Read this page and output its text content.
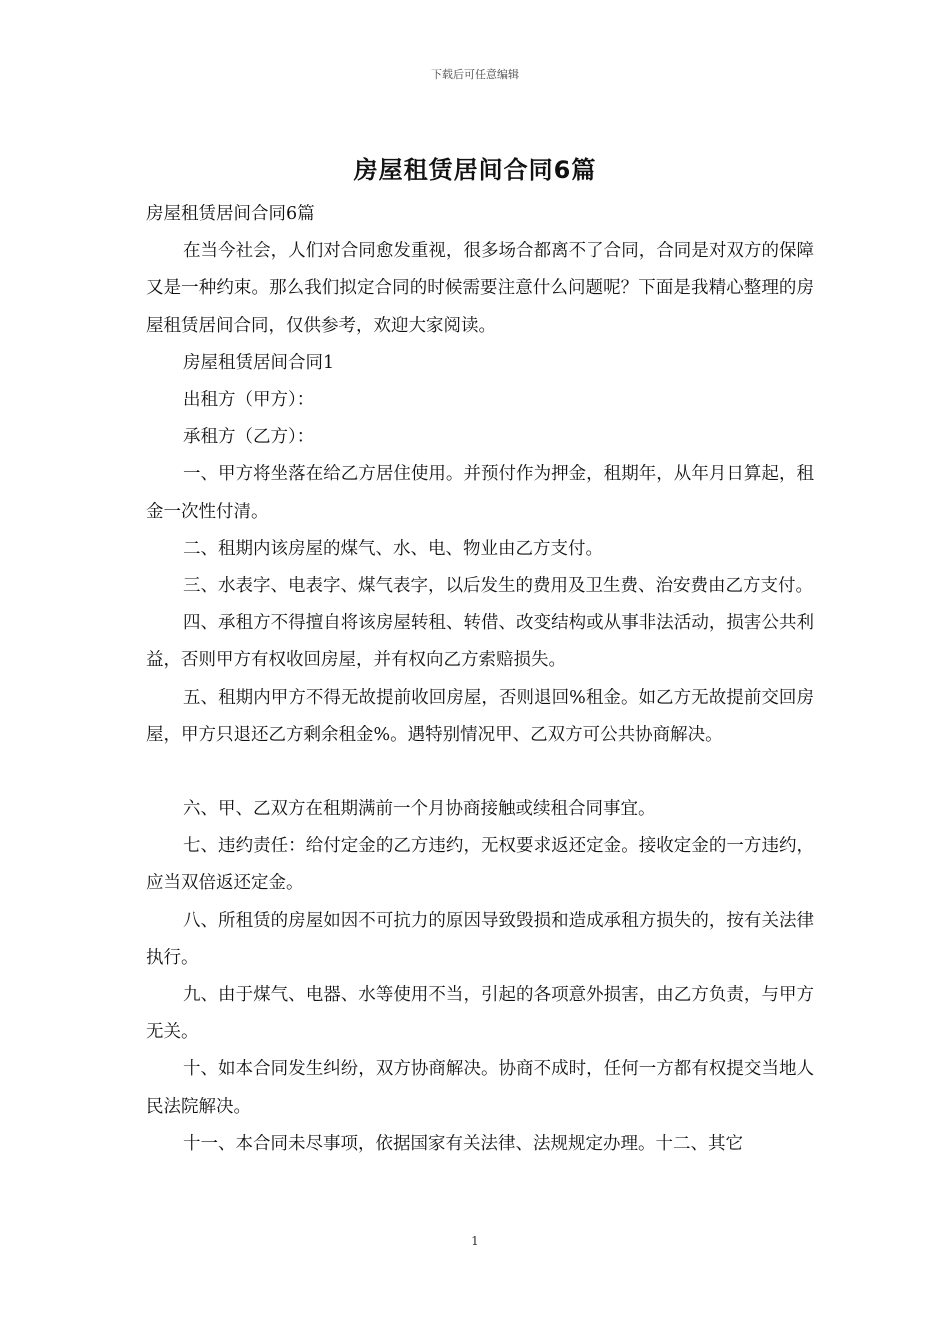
下载后可任意编辑
房屋租赁居间合同6篇

房屋租赁居间合同6篇

在当今社会，人们对合同愈发重视，很多场合都离不了合同，合同是对双方的保障又是一种约束。那么我们拟定合同的时候需要注意什么问题呢？下面是我精心整理的房屋租赁居间合同，仅供参考，欢迎大家阅读。

房屋租赁居间合同1

出租方（甲方）：

承租方（乙方）：

一、甲方将坐落在给乙方居住使用。并预付作为押金，租期年，从年月日算起，租金一次性付清。

二、租期内该房屋的煤气、水、电、物业由乙方支付。

三、水表字、电表字、煤气表字，以后发生的费用及卫生费、治安费由乙方支付。

四、承租方不得擅自将该房屋转租、转借、改变结构或从事非法活动，损害公共利益，否则甲方有权收回房屋，并有权向乙方索赔损失。

五、租期内甲方不得无故提前收回房屋，否则退回%租金。如乙方无故提前交回房屋，甲方只退还乙方剩余租金%。遇特别情况甲、乙双方可公共协商解决。

六、甲、乙双方在租期满前一个月协商接触或续租合同事宜。

七、违约责任：给付定金的乙方违约，无权要求返还定金。接收定金的一方违约，应当双倍返还定金。

八、所租赁的房屋如因不可抗力的原因导致毁损和造成承租方损失的，按有关法律执行。

九、由于煤气、电器、水等使用不当，引起的各项意外损害，由乙方负责，与甲方无关。

十、如本合同发生纠纷，双方协商解决。协商不成时，任何一方都有权提交当地人民法院解决。

十一、本合同未尽事项，依据国家有关法律、法规规定办理。十二、其它

1
